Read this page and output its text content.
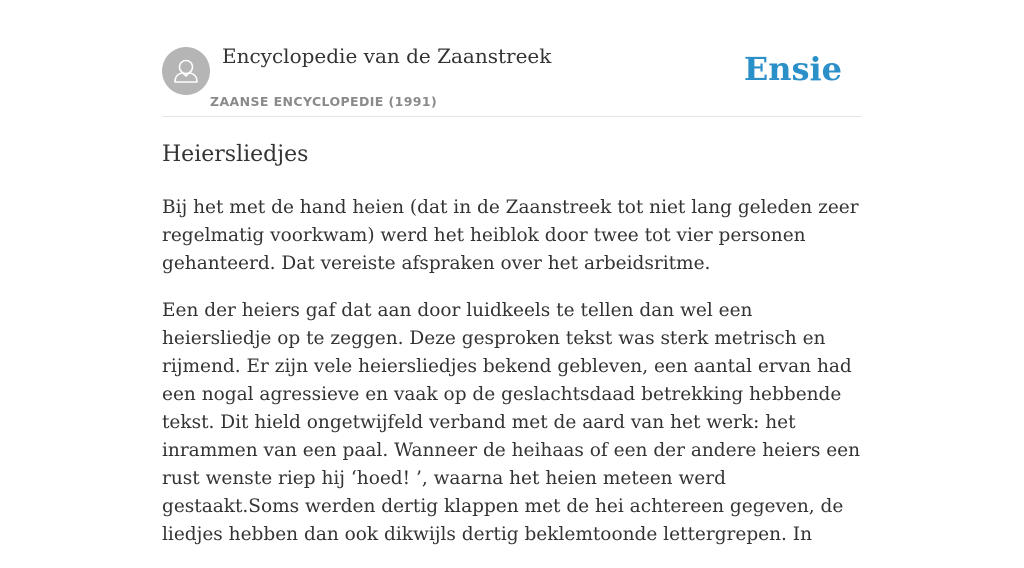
Encyclopedie van de Zaanstreek
ZAANSE ENCYCLOPEDIE (1991)
Ensie
Heiersliedjes

Bij het met de hand heien (dat in de Zaanstreek tot niet lang geleden zeer regelmatig voorkwam) werd het heiblok door twee tot vier personen gehanteerd. Dat vereiste afspraken over het arbeidsritme.

Een der heiers gaf dat aan door luidkeels te tellen dan wel een heiersliedje op te zeggen. Deze gesproken tekst was sterk metrisch en rijmend. Er zijn vele heiersliedjes bekend gebleven, een aantal ervan had een nogal agressieve en vaak op de geslachtsdaad betrekking hebbende tekst. Dit hield ongetwijfeld verband met de aard van het werk: het inrammen van een paal. Wanneer de heihaas of een der andere heiers een rust wenste riep hij ‘hoed! ’, waarna het heien meteen werd gestaakt.Soms werden dertig klappen met de hei achtereen gegeven, de liedjes hebben dan ook dikwijls dertig beklemtoonde lettergrepen. In
